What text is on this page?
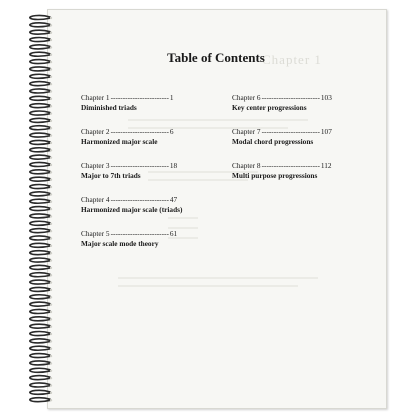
Chapter 1
Table of Contents
Chapter 1 ------------------------ 1
Diminished triads
Chapter 2 ------------------------ 6
Harmonized major scale
Chapter 3 ------------------------ 18
Major to 7th triads
Chapter 4 ------------------------ 47
Harmonized major scale (triads)
Chapter 5 ------------------------ 61
Major scale mode theory
Chapter 6 ------------------------ 103
Key center progressions
Chapter 7 ------------------------ 107
Modal chord progressions
Chapter 8 ------------------------ 112
Multi purpose progressions
